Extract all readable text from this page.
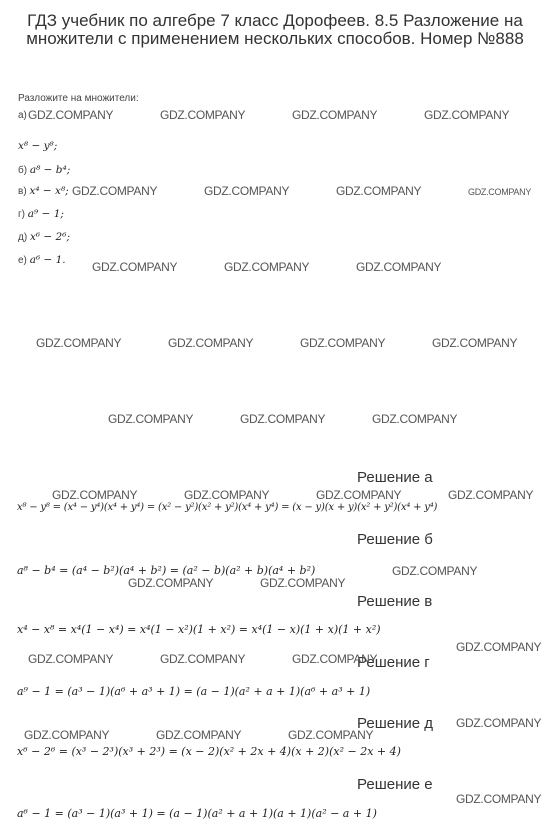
ГДЗ учебник по алгебре 7 класс Дорофеев. 8.5 Разложение на множители с применением нескольких способов. Номер №888
Разложите на множители:
а)
x⁸ − y⁸;
б) a⁸ − b⁴;
в) x⁴ − x⁸;
г) a⁹ − 1;
д) x⁶ − 2⁶;
е) a⁶ − 1.
Решение а
x⁸ − y⁸ = (x⁴ − y⁴)(x⁴ + y⁴) = (x² − y²)(x² + y²)(x⁴ + y⁴) = (x − y)(x + y)(x² + y²)(x⁴ + y⁴)
Решение б
a⁸ − b⁴ = (a⁴ − b²)(a⁴ + b²) = (a² − b)(a² + b)(a⁴ + b²)
Решение в
x⁴ − x⁸ = x⁴(1 − x⁴) = x⁴(1 − x²)(1 + x²) = x⁴(1 − x)(1 + x)(1 + x²)
Решение г
a⁹ − 1 = (a³ − 1)(a⁶ + a³ + 1) = (a − 1)(a² + a + 1)(a⁶ + a³ + 1)
Решение д
x⁶ − 2⁶ = (x³ − 2³)(x³ + 2³) = (x − 2)(x² + 2x + 4)(x + 2)(x² − 2x + 4)
Решение е
a⁶ − 1 = (a³ − 1)(a³ + 1) = (a − 1)(a² + a + 1)(a + 1)(a² − a + 1)
GDZ.COMPANY	GDZ.COMPANY	GDZ.COMPANY	GDZ.COMPANY
GDZ.COMPANY	GDZ.COMPANY	GDZ.COMPANY	GDZ.COMPANY
GDZ.COMPANY	GDZ.COMPANY	GDZ.COMPANY
GDZ.COMPANY	GDZ.COMPANY	GDZ.COMPANY	GDZ.COMPANY
GDZ.COMPANY	GDZ.COMPANY	GDZ.COMPANY
GDZ.COMPANY	GDZ.COMPANY	GDZ.COMPANY	GDZ.COMPANY
GDZ.COMPANY
GDZ.COMPANY	GDZ.COMPANY
GDZ.COMPANY
GDZ.COMPANY	GDZ.COMPANY	GDZ.COMPANY
GDZ.COMPANY
GDZ.COMPANY	GDZ.COMPANY	GDZ.COMPANY
GDZ.COMPANY
